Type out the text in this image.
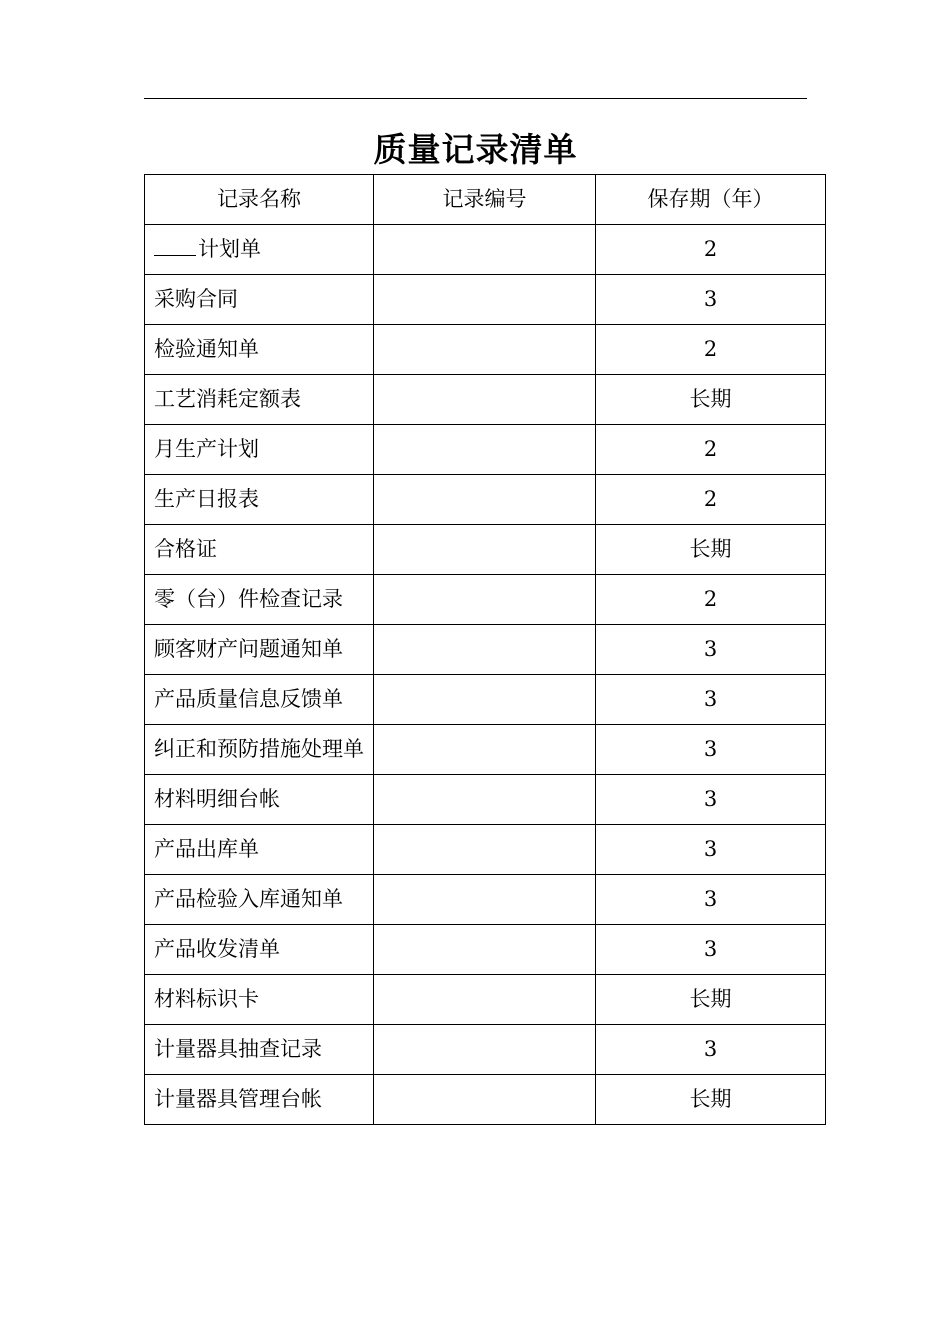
质量记录清单
记录名称	记录编号	保存期（年）
计划单		2
采购合同		3
检验通知单		2
工艺消耗定额表		长期
月生产计划		2
生产日报表		2
合格证		长期
零（台）件检查记录		2
顾客财产问题通知单		3
产品质量信息反馈单		3
纠正和预防措施处理单		3
材料明细台帐		3
产品出库单		3
产品检验入库通知单		3
产品收发清单		3
材料标识卡		长期
计量器具抽查记录		3
计量器具管理台帐		长期
